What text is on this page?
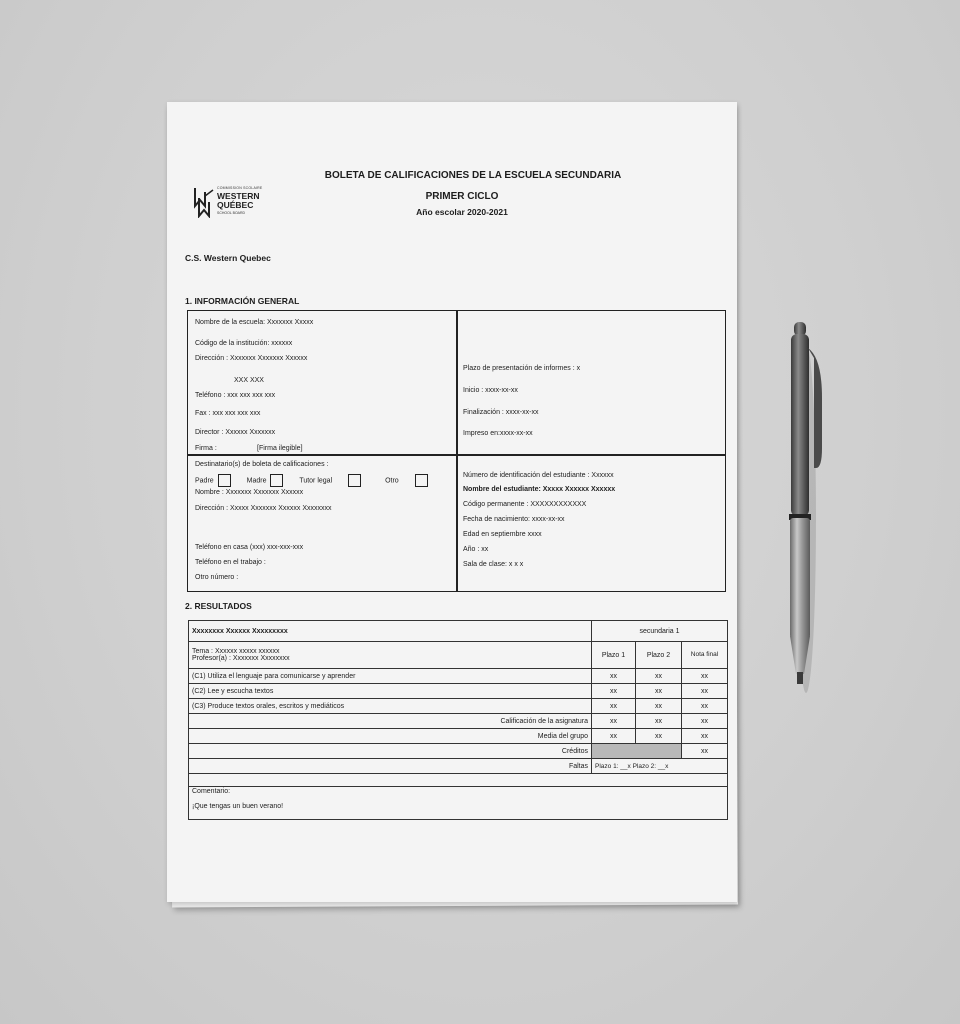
COMMISSION SCOLAIRE
WESTERN
QUÉBEC
SCHOOL BOARD
BOLETA DE CALIFICACIONES DE LA ESCUELA SECUNDARIA
PRIMER CICLO
Año escolar 2020-2021
C.S. Western Quebec
1. INFORMACIÓN GENERAL
Nombre de la escuela: Xxxxxxx Xxxxx
Código de la institución: xxxxxx
Dirección : Xxxxxxx Xxxxxxx Xxxxxx
XXX XXX
Teléfono : xxx xxx xxx xxx
Fax : xxx xxx xxx xxx
Director : Xxxxxx Xxxxxxx
Firma :	[Firma ilegible]
Plazo de presentación de informes : x
Inicio : xxxx-xx-xx
Finalización : xxxx-xx-xx
Impreso en:xxxx-xx-xx
Destinatario(s) de boleta de calificaciones :
Padre	Madre	Tutor legal	Otro
Nombre : Xxxxxxx Xxxxxxx Xxxxxx
Dirección : Xxxxx Xxxxxxx Xxxxxx Xxxxxxxx
Teléfono en casa (xxx) xxx-xxx-xxx
Teléfono en el trabajo :
Otro número :
Número de identificación del estudiante : Xxxxxx
Nombre del estudiante: Xxxxx Xxxxxx Xxxxxx
Código permanente : XXXXXXXXXXXX
Fecha de nacimiento: xxxx-xx-xx
Edad en septiembre xxxx
Año : xx
Sala de clase: x x x
2. RESULTADOS
Xxxxxxxx Xxxxxx Xxxxxxxxx	secundaria 1		

Tema : Xxxxxx xxxxx xxxxxx
Profesor(a) : Xxxxxxx Xxxxxxxx	Plazo 1	Plazo 2	Nota final
(C1) Utiliza el lenguaje para comunicarse y aprender	xx	xx	xx
(C2) Lee y escucha textos	xx	xx	xx
(C3) Produce textos orales, escritos y mediáticos	xx	xx	xx
Calificación de la asignatura	xx	xx	xx
Media del grupo	xx	xx	xx
Créditos			xx
Faltas	Plazo 1: __x Plazo 2: __x		

Comentario:
¡Que tengas un buen verano!			
